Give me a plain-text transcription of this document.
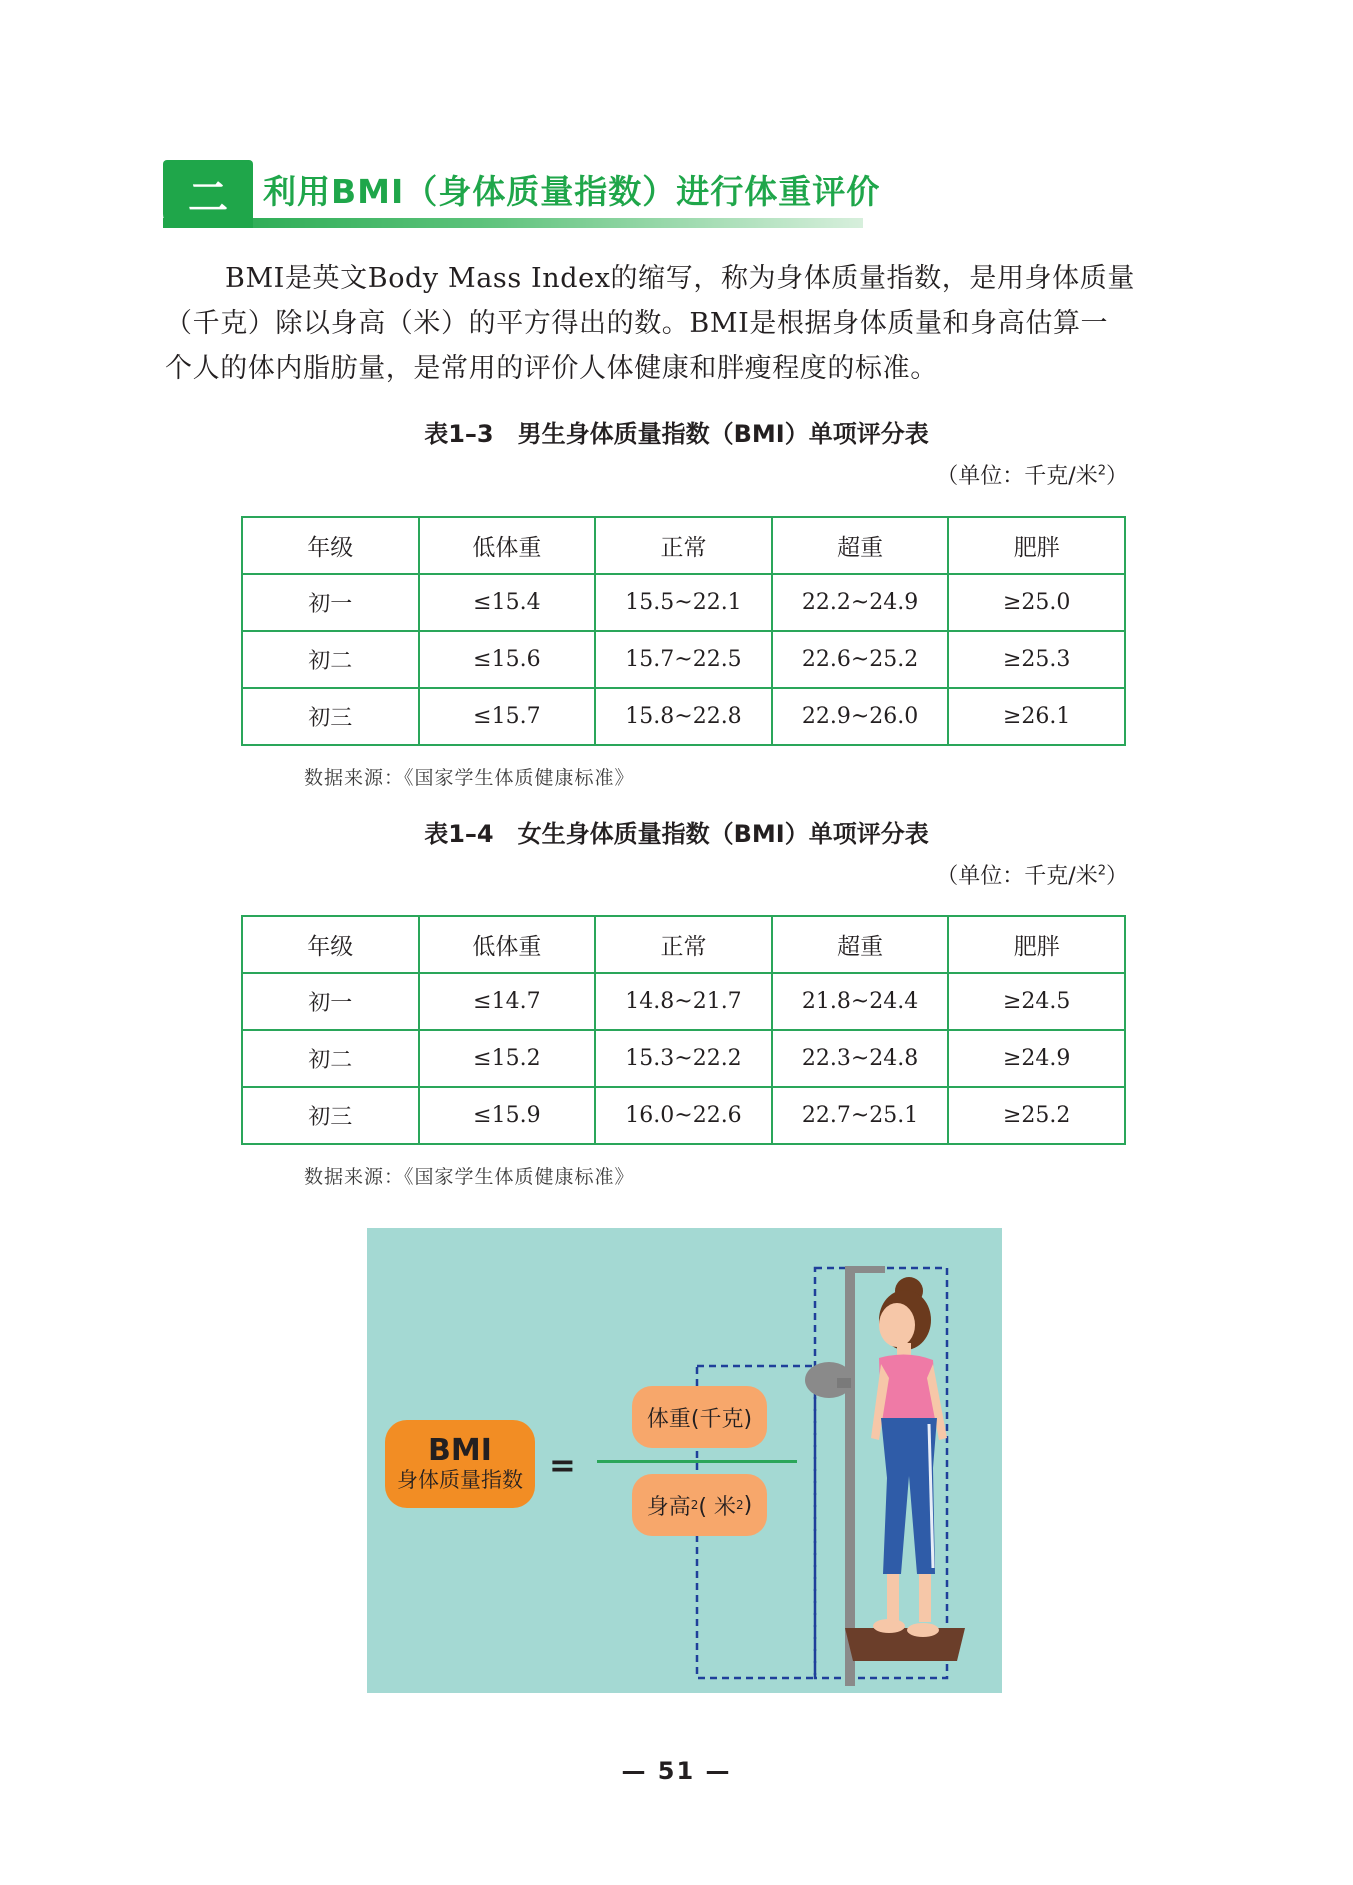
二	利用BMI（身体质量指数）进行体重评价
BMI是英文Body Mass Index的缩写，称为身体质量指数，是用身体质量
（千克）除以身高（米）的平方得出的数。BMI是根据身体质量和身高估算一
个人的体内脂肪量，是常用的评价人体健康和胖瘦程度的标准。
表1–3　男生身体质量指数（BMI）单项评分表
（单位：千克/米$^2$）
年级	低体重	正常	超重	肥胖
初一	≤15.4	15.5~22.1	22.2~24.9	≥25.0
初二	≤15.6	15.7~22.5	22.6~25.2	≥25.3
初三	≤15.7	15.8~22.8	22.9~26.0	≥26.1
数据来源：《国家学生体质健康标准》
表1–4　女生身体质量指数（BMI）单项评分表
（单位：千克/米$^2$）
年级	低体重	正常	超重	肥胖
初一	≤14.7	14.8~21.7	21.8~24.4	≥24.5
初二	≤15.2	15.3~22.2	22.3~24.8	≥24.9
初三	≤15.9	16.0~22.6	22.7~25.1	≥25.2
数据来源：《国家学生体质健康标准》
BMI
身体质量指数 =
体重(千克)
身高 2 ( 米 2 )
— 51 —
